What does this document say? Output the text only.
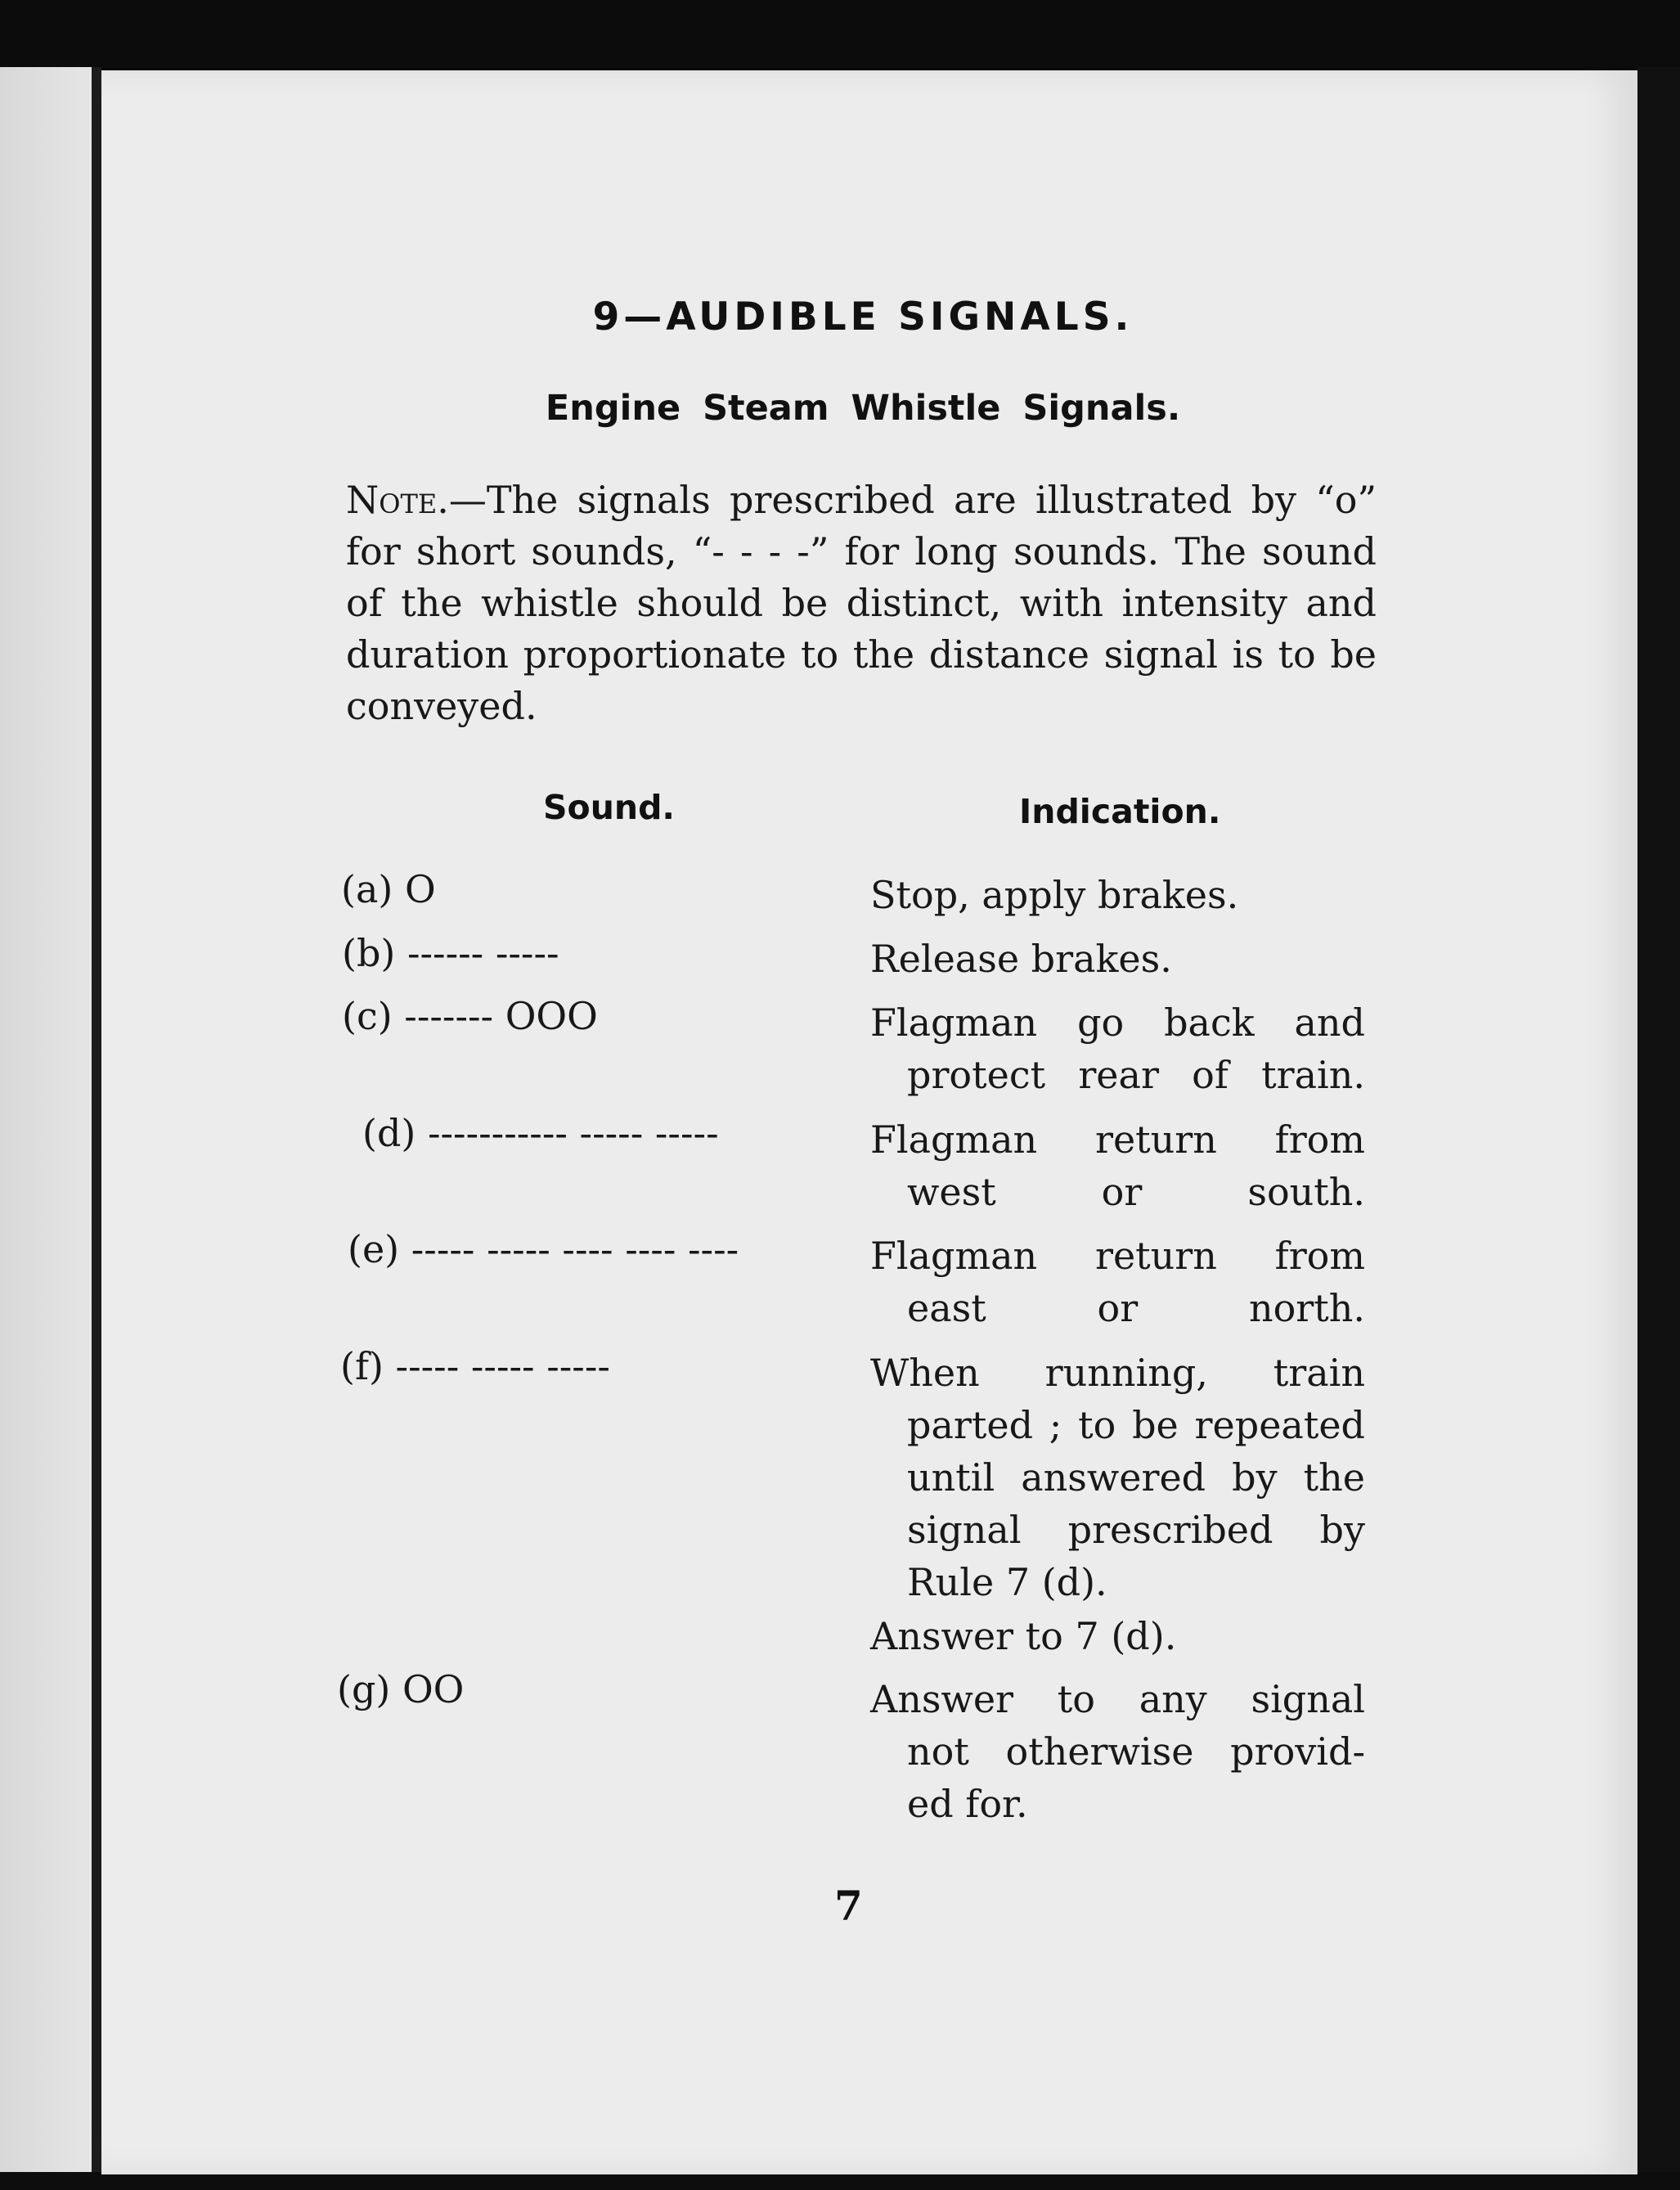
9—AUDIBLE SIGNALS.
Engine Steam Whistle Signals.
Note.—The signals prescribed are illustrated by “o” for short sounds, “- - - -” for long sounds. The sound of the whistle should be distinct, with intensity and duration proportionate to the distance signal is to be conveyed.
Sound.	Indication.
(a) O	Stop, apply brakes.
(b) ------ -----	Release brakes.
(c) ------- OOO	Flagman go back and
protect rear of train.
(d) ----------- ----- -----	Flagman return from
west or south.
(e) ----- ----- ---- ---- ----	Flagman return from
east or north.
(f) ----- ----- -----	When running, train
parted ; to be repeated
until answered by the
signal prescribed by
Rule 7 (d).
Answer to 7 (d).
(g) OO	Answer to any signal
not otherwise provid-
ed for.
7
